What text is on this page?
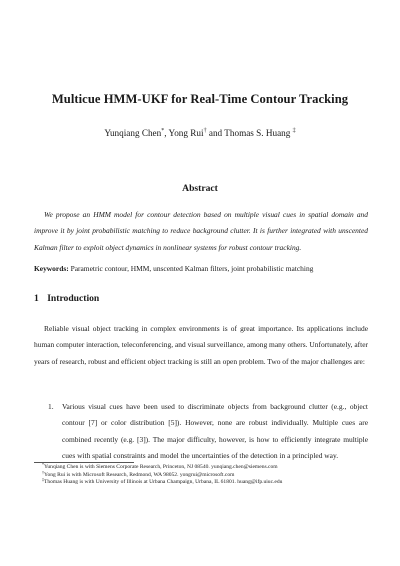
Multicue HMM-UKF for Real-Time Contour Tracking
Yunqiang Chen*, Yong Rui† and Thomas S. Huang ‡
Abstract
We propose an HMM model for contour detection based on multiple visual cues in spatial domain and improve it by joint probabilistic matching to reduce background clutter. It is further integrated with unscented Kalman filter to exploit object dynamics in nonlinear systems for robust contour tracking.
Keywords: Parametric contour, HMM, unscented Kalman filters, joint probabilistic matching
1 Introduction
Reliable visual object tracking in complex environments is of great importance. Its applications include human computer interaction, teleconferencing, and visual surveillance, among many others. Unfortunately, after years of research, robust and efficient object tracking is still an open problem. Two of the major challenges are:
1. Various visual cues have been used to discriminate objects from background clutter (e.g., object contour [7] or color distribution [5]). However, none are robust individually. Multiple cues are combined recently (e.g. [3]). The major difficulty, however, is how to efficiently integrate multiple cues with spatial constraints and model the uncertainties of the detection in a principled way.
*Yunqiang Chen is with Siemens Corporate Research, Princeton, NJ 08540. yunqiang.chen@siemens.com
†Yong Rui is with Microsoft Research, Redmond, WA 98052. yongrui@microsoft.com
‡Thomas Huang is with University of Illinois at Urbana Champaign, Urbana, IL 61801. huang@ifp.uiuc.edu
